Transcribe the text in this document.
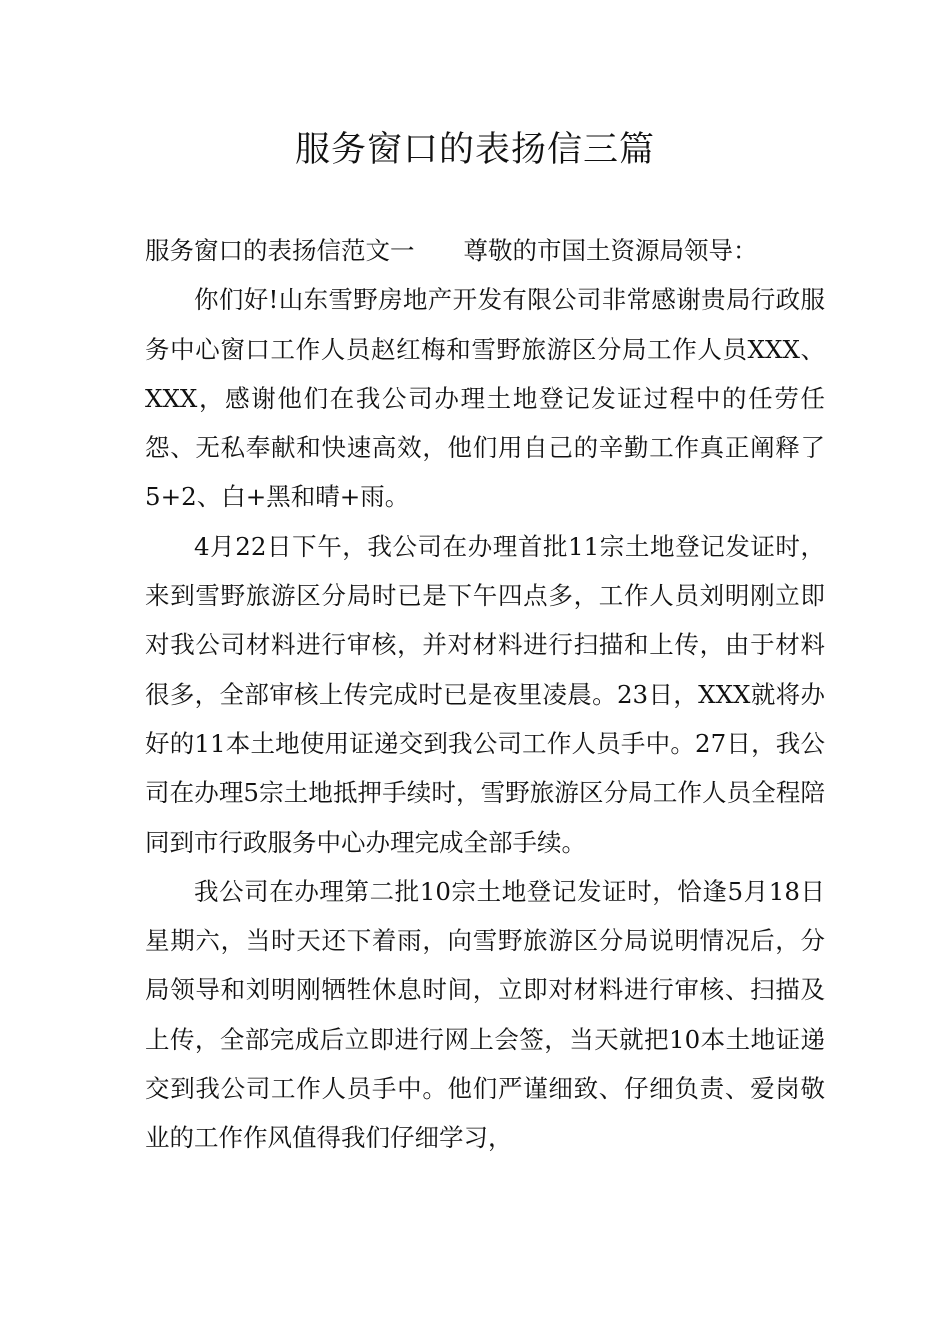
服务窗口的表扬信三篇

服务窗口的表扬信范文一　　尊敬的市国土资源局领导：

你们好!山东雪野房地产开发有限公司非常感谢贵局行政服务中心窗口工作人员赵红梅和雪野旅游区分局工作人员XXX、XXX，感谢他们在我公司办理土地登记发证过程中的任劳任怨、无私奉献和快速高效，他们用自己的辛勤工作真正阐释了5+2、白+黑和晴+雨。

4月22日下午，我公司在办理首批11宗土地登记发证时，来到雪野旅游区分局时已是下午四点多，工作人员刘明刚立即对我公司材料进行审核，并对材料进行扫描和上传，由于材料很多，全部审核上传完成时已是夜里凌晨。23日，XXX就将办好的11本土地使用证递交到我公司工作人员手中。27日，我公司在办理5宗土地抵押手续时，雪野旅游区分局工作人员全程陪同到市行政服务中心办理完成全部手续。

我公司在办理第二批10宗土地登记发证时，恰逢5月18日星期六，当时天还下着雨，向雪野旅游区分局说明情况后，分局领导和刘明刚牺牲休息时间，立即对材料进行审核、扫描及上传，全部完成后立即进行网上会签，当天就把10本土地证递交到我公司工作人员手中。他们严谨细致、仔细负责、爱岗敬业的工作作风值得我们仔细学习，
